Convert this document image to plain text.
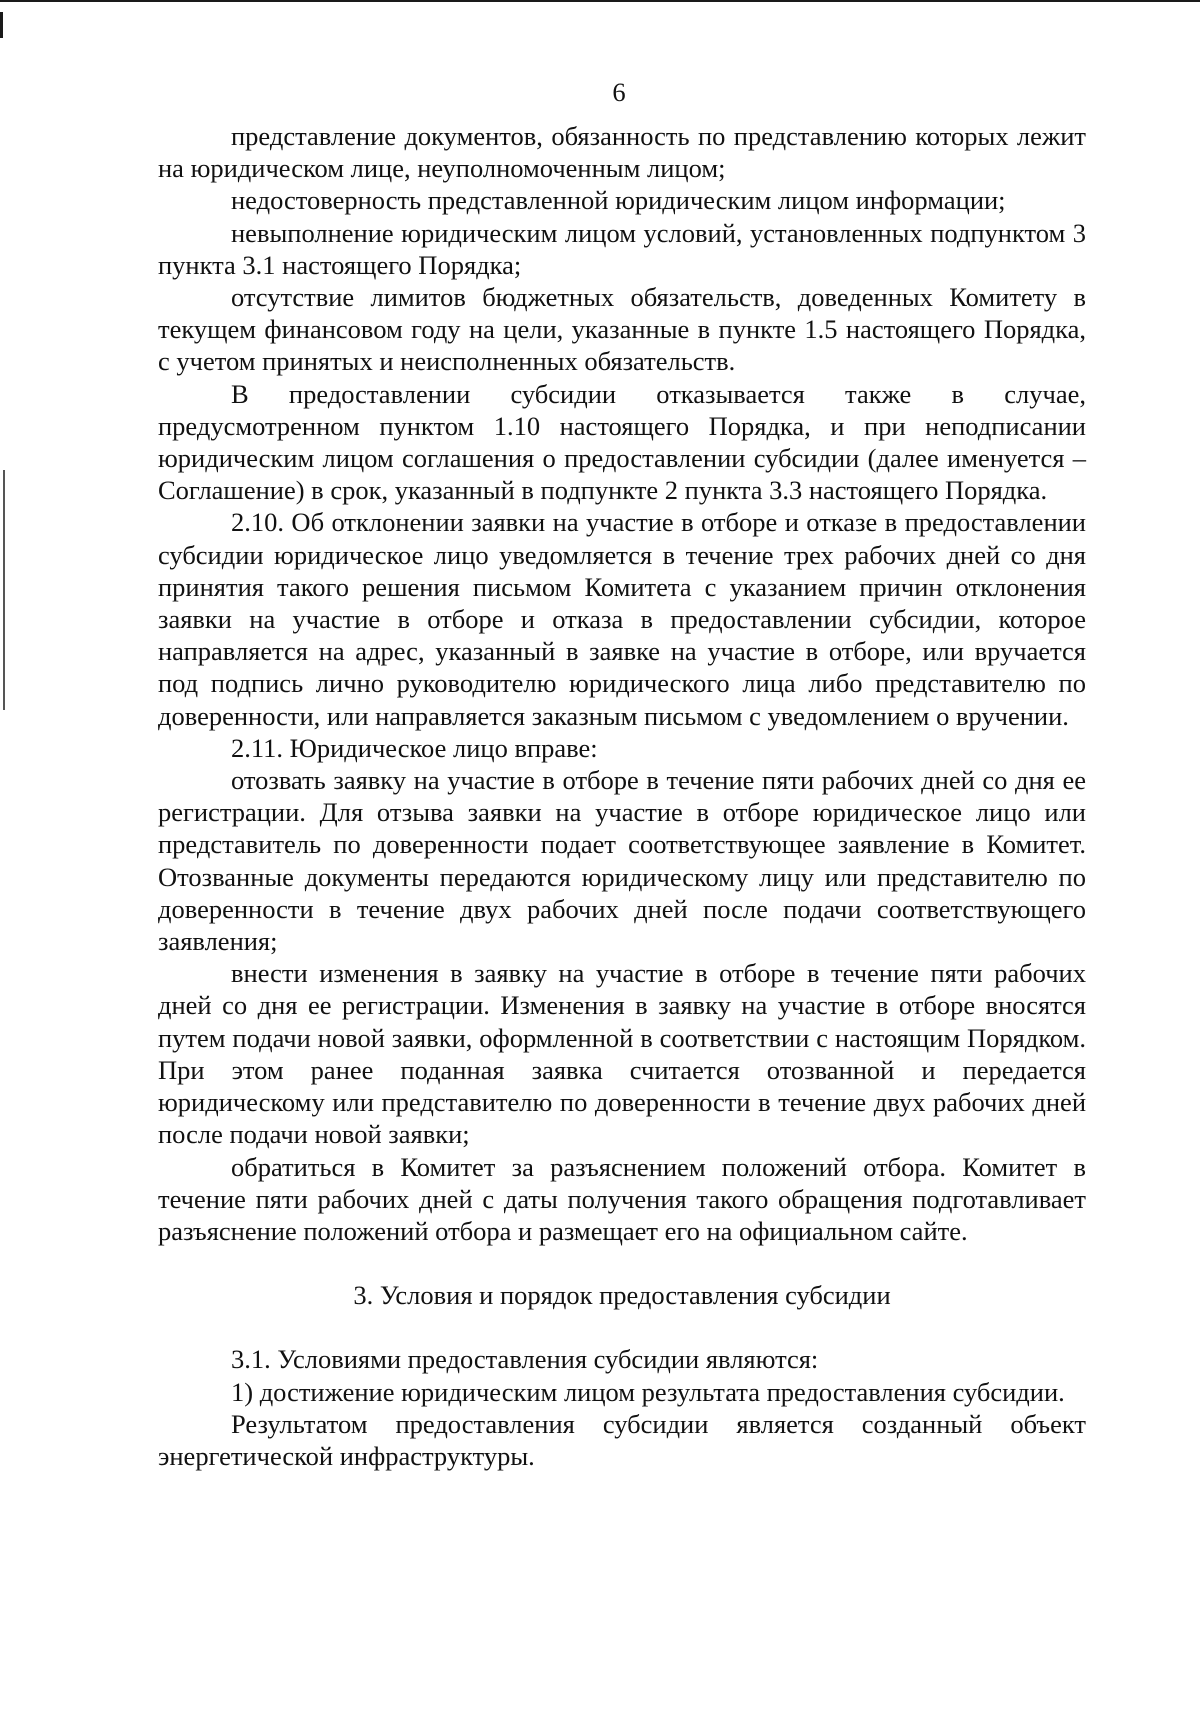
6

представление документов, обязанность по представлению которых лежит на юридическом лице, неуполномоченным лицом;

недостоверность представленной юридическим лицом информации;

невыполнение юридическим лицом условий, установленных подпунктом 3 пункта 3.1 настоящего Порядка;

отсутствие лимитов бюджетных обязательств, доведенных Комитету в текущем финансовом году на цели, указанные в пункте 1.5 настоящего Порядка, с учетом принятых и неисполненных обязательств.

В предоставлении субсидии отказывается также в случае, предусмотренном пунктом 1.10 настоящего Порядка, и при неподписании юридическим лицом соглашения о предоставлении субсидии (далее именуется – Соглашение) в срок, указанный в подпункте 2 пункта 3.3 настоящего Порядка.

2.10. Об отклонении заявки на участие в отборе и отказе в предоставлении субсидии юридическое лицо уведомляется в течение трех рабочих дней со дня принятия такого решения письмом Комитета с указанием причин отклонения заявки на участие в отборе и отказа в предоставлении субсидии, которое направляется на адрес, указанный в заявке на участие в отборе, или вручается под подпись лично руководителю юридического лица либо представителю по доверенности, или направляется заказным письмом с уведомлением о вручении.

2.11. Юридическое лицо вправе:

отозвать заявку на участие в отборе в течение пяти рабочих дней со дня ее регистрации. Для отзыва заявки на участие в отборе юридическое лицо или представитель по доверенности подает соответствующее заявление в Комитет. Отозванные документы передаются юридическому лицу или представителю по доверенности в течение двух рабочих дней после подачи соответствующего заявления;

внести изменения в заявку на участие в отборе в течение пяти рабочих дней со дня ее регистрации. Изменения в заявку на участие в отборе вносятся путем подачи новой заявки, оформленной в соответствии с настоящим Порядком. При этом ранее поданная заявка считается отозванной и передается юридическому или представителю по доверенности в течение двух рабочих дней после подачи новой заявки;

обратиться в Комитет за разъяснением положений отбора. Комитет в течение пяти рабочих дней с даты получения такого обращения подготавливает разъяснение положений отбора и размещает его на официальном сайте.

3. Условия и порядок предоставления субсидии

3.1. Условиями предоставления субсидии являются:

1) достижение юридическим лицом результата предоставления субсидии.

Результатом предоставления субсидии является созданный объект энергетической инфраструктуры.
